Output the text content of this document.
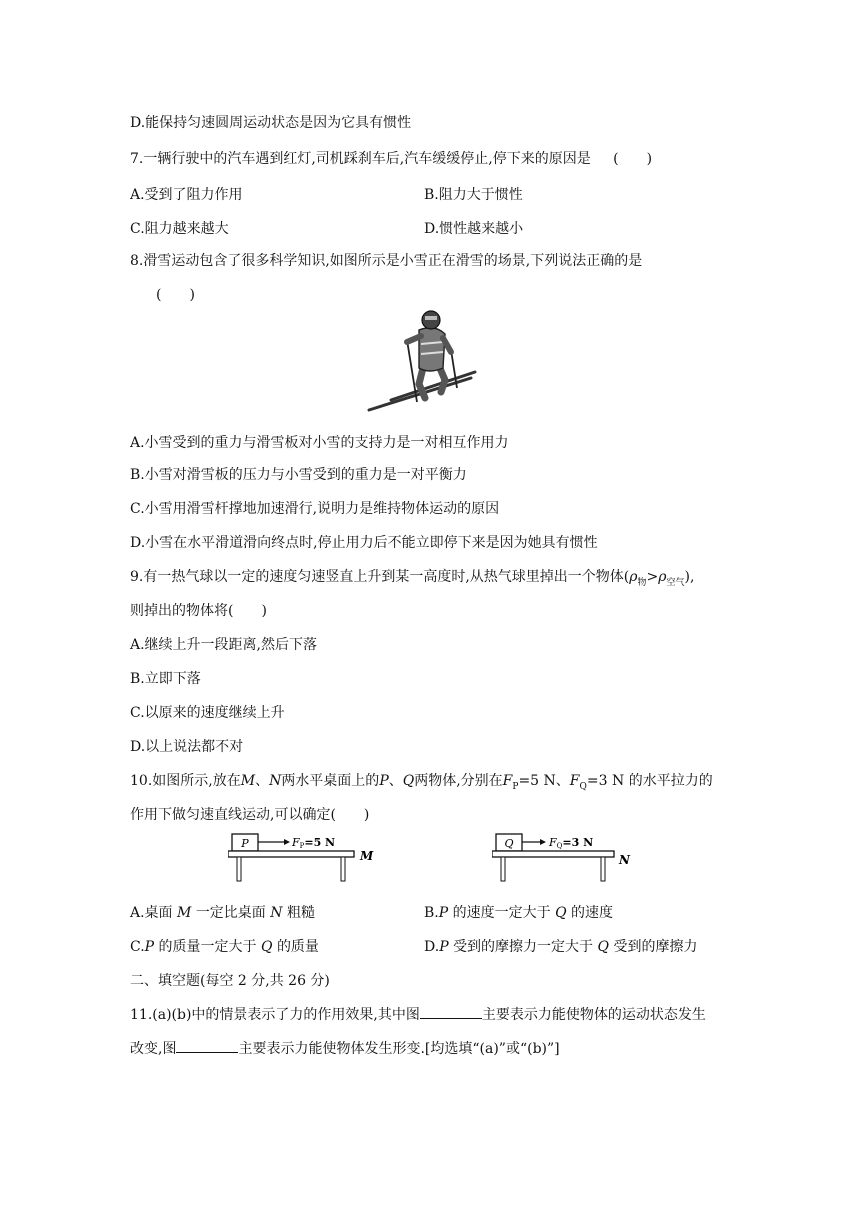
D.能保持匀速圆周运动状态是因为它具有惯性
7.一辆行驶中的汽车遇到红灯,司机踩刹车后,汽车缓缓停止,停下来的原因是 (　　)
A.受到了阻力作用	B.阻力大于惯性
C.阻力越来越大	D.惯性越来越小
8.滑雪运动包含了很多科学知识,如图所示是小雪正在滑雪的场景,下列说法正确的是
(　　)
A.小雪受到的重力与滑雪板对小雪的支持力是一对相互作用力
B.小雪对滑雪板的压力与小雪受到的重力是一对平衡力
C.小雪用滑雪杆撑地加速滑行,说明力是维持物体运动的原因
D.小雪在水平滑道滑向终点时,停止用力后不能立即停下来是因为她具有惯性
9.有一热气球以一定的速度匀速竖直上升到某一高度时,从热气球里掉出一个物体$(\rho_物>\rho_{空气})$,
则掉出的物体将(　　)
A.继续上升一段距离,然后下落
B.立即下落
C.以原来的速度继续上升
D.以上说法都不对
10.如图所示,放在M、N两水平桌面上的P、Q两物体,分别在$F_P=5$ N、$F_Q=3$ N 的水平拉力的
作用下做匀速直线运动,可以确定(　　)
P	FP=5 N
M
Q	FQ=3 N
N
A.桌面 M 一定比桌面 N 粗糙	B.P 的速度一定大于 Q 的速度
C.P 的质量一定大于 Q 的质量	D.P 受到的摩擦力一定大于 Q 受到的摩擦力
二、填空题(每空 2 分,共 26 分)
11.(a)(b)中的情景表示了力的作用效果,其中图	主要表示力能使物体的运动状态发生
改变,图	主要表示力能使物体发生形变.[均选填“(a)”或“(b)”]
